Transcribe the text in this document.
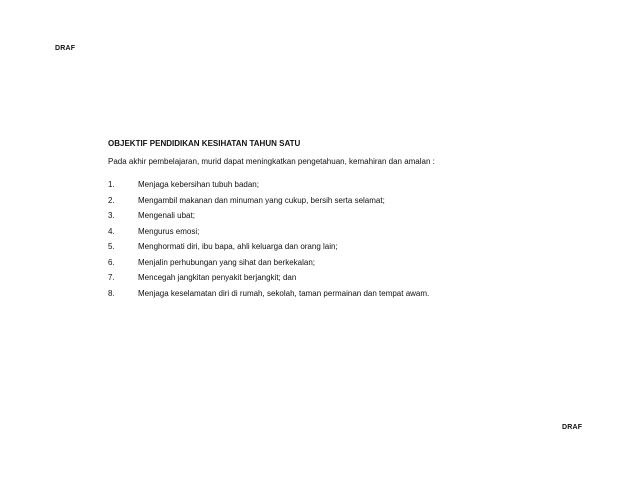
DRAF

OBJEKTIF PENDIDIKAN KESIHATAN TAHUN SATU

Pada akhir pembelajaran, murid dapat meningkatkan pengetahuan, kemahiran dan amalan :

1.	Menjaga kebersihan tubuh badan;
2.	Mengambil makanan dan minuman yang cukup, bersih serta selamat;
3.	Mengenali ubat;
4.	Mengurus emosi;
5.	Menghormati diri, ibu bapa, ahli keluarga dan orang lain;
6.	Menjalin perhubungan yang sihat dan berkekalan;
7.	Mencegah jangkitan penyakit berjangkit; dan
8.	Menjaga keselamatan diri di rumah, sekolah, taman permainan dan tempat awam.
DRAF
